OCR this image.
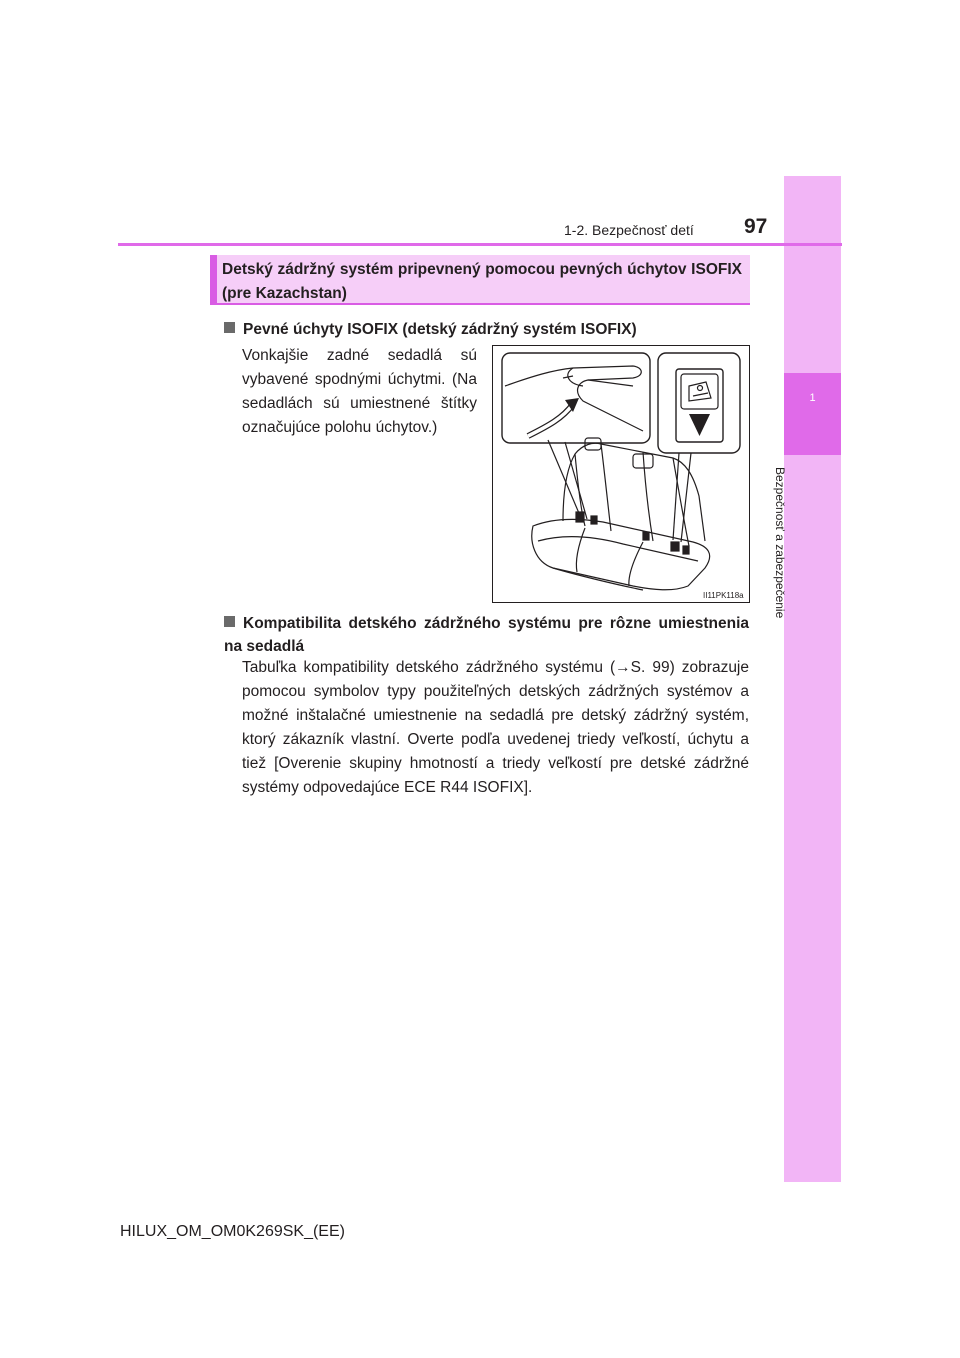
1
Bezpečnosť a zabezpečenie
1-2. Bezpečnosť detí 97
Detský zádržný systém pripevnený pomocou pevných úchytov ISOFIX (pre Kazachstan)
Pevné úchyty ISOFIX (detský zádržný systém ISOFIX)
Vonkajšie zadné sedadlá sú vybavené spodnými úchytmi. (Na sedadlách sú umiestnené štítky označujúce polohu úchytov.)
II11PK118a
Kompatibilita detského zádržného systému pre rôzne umiestnenia na sedadlá
Tabuľka kompatibility detského zádržného systému (→S. 99) zobrazuje pomocou symbolov typy použiteľných detských zádržných systémov a možné inštalačné umiestnenie na sedadlá pre detský zádržný systém, ktorý zákazník vlastní. Overte podľa uvedenej triedy veľkostí, úchytu a tiež [Overenie skupiny hmotností a triedy veľkostí pre detské zádržné systémy odpovedajúce ECE R44 ISOFIX].
HILUX_OM_OM0K269SK_(EE)
